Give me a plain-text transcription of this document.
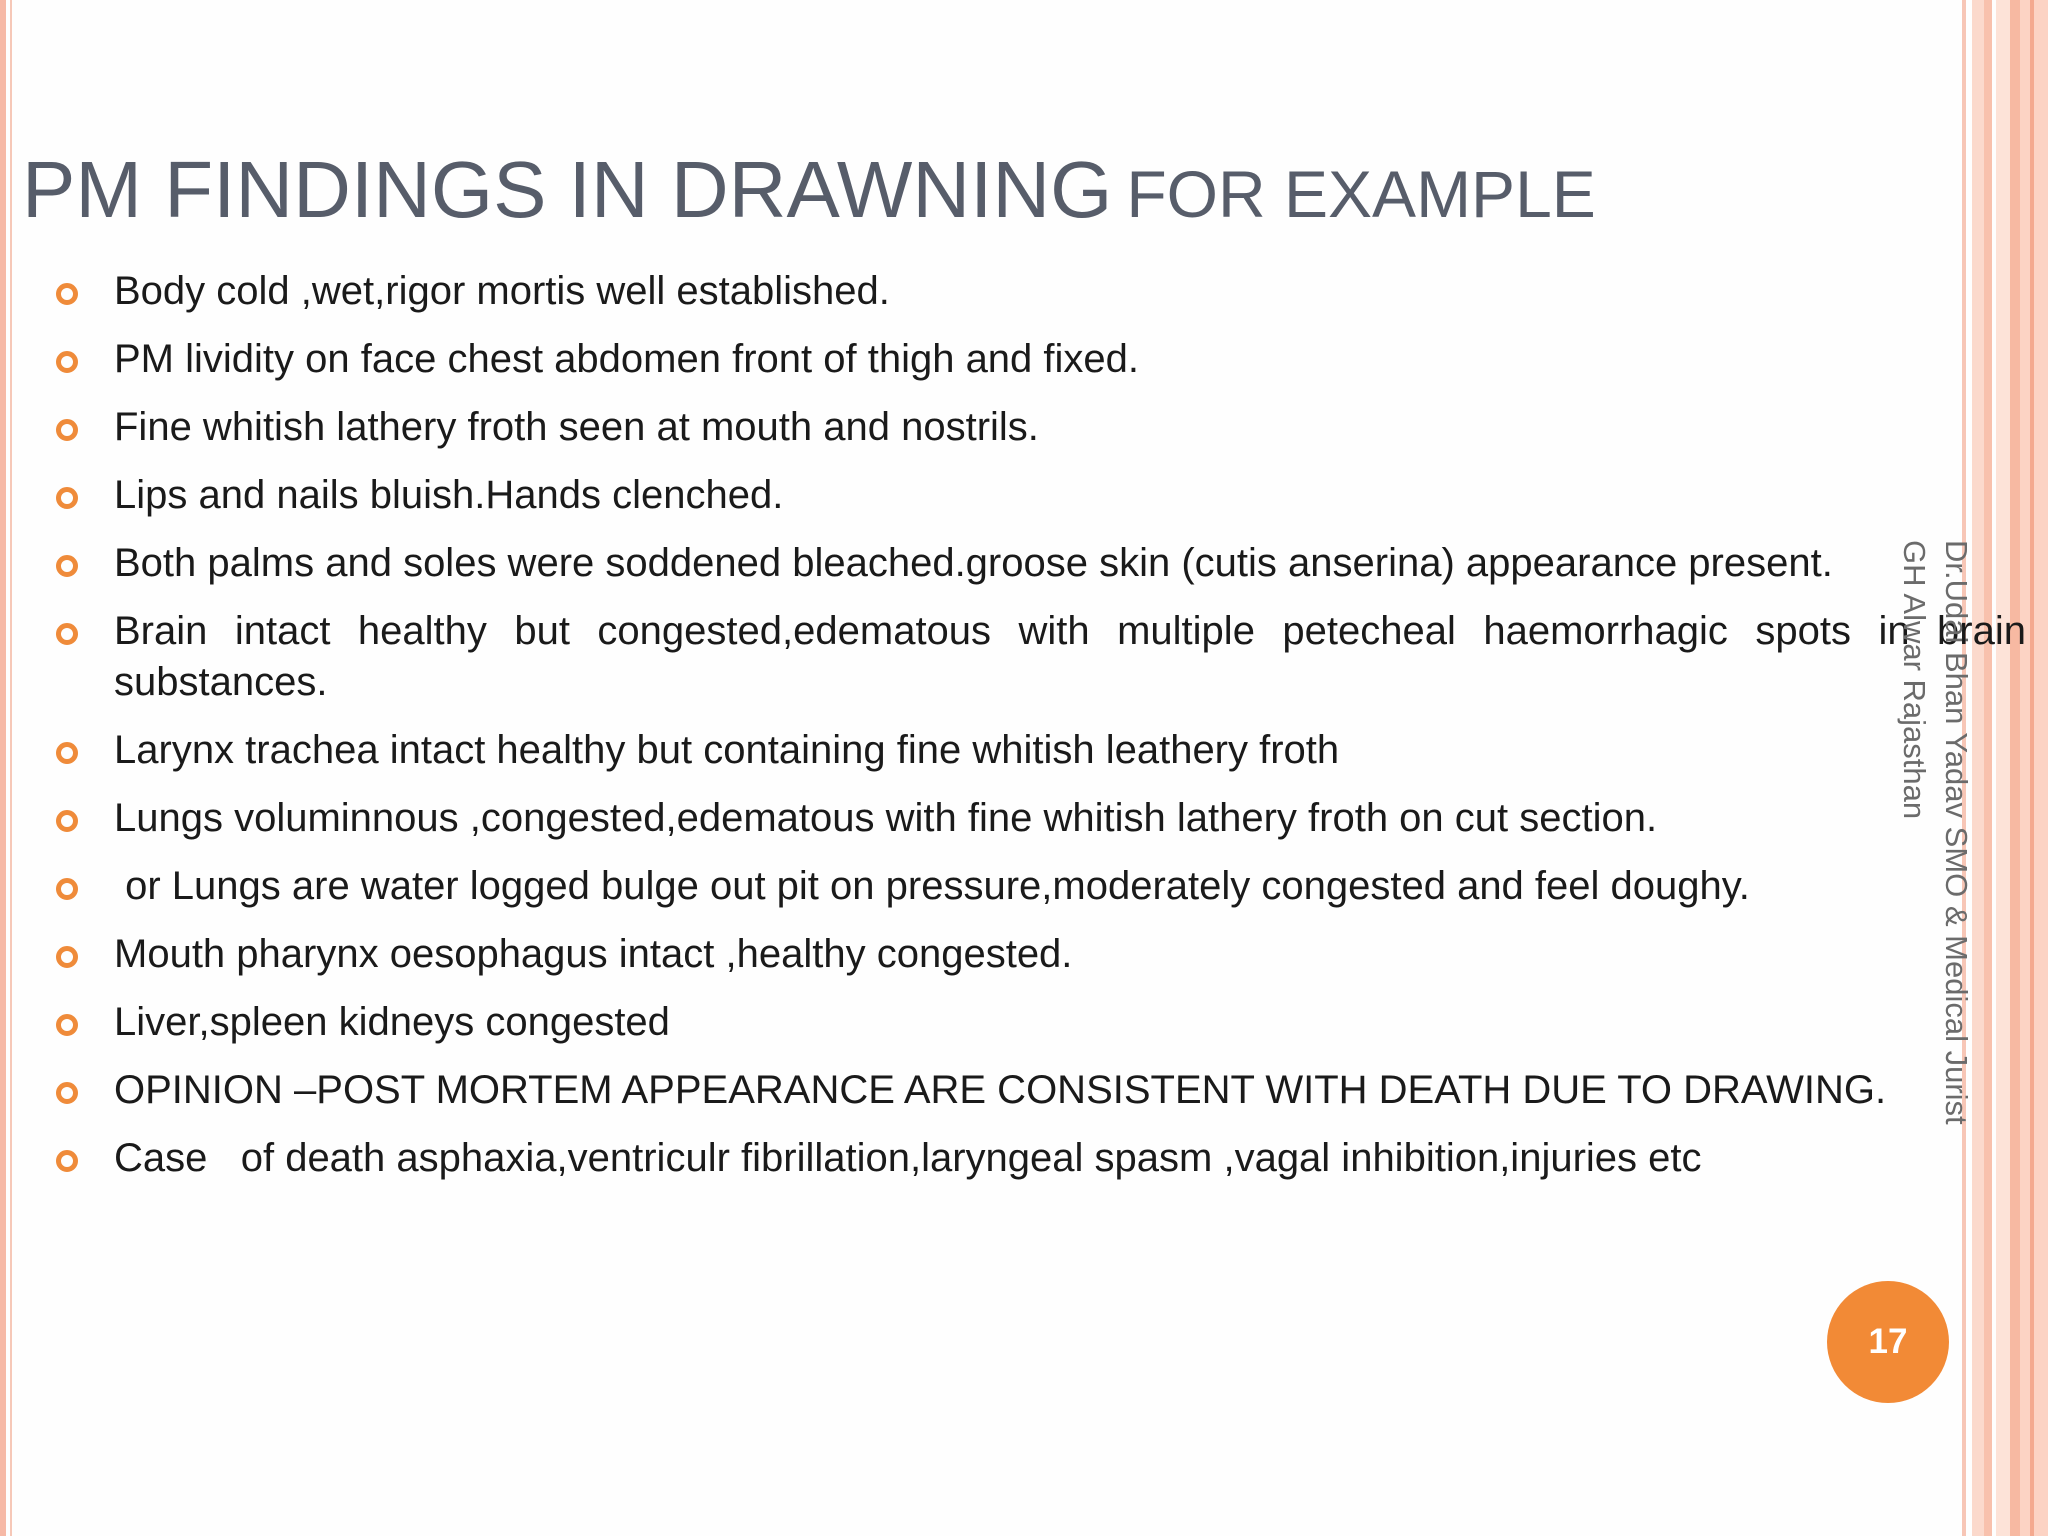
PM FINDINGS IN DRAWNING FOR EXAMPLE
Body cold ,wet,rigor mortis well established.
PM lividity on face chest abdomen front of thigh and fixed.
Fine whitish lathery froth seen at mouth and nostrils.
Lips and nails bluish.Hands clenched.
Both palms and soles were soddened bleached.groose skin (cutis anserina) appearance present.
Brain intact healthy but congested,edematous with multiple petecheal haemorrhagic spots in brain substances.
Larynx trachea intact healthy but containing fine whitish leathery froth
Lungs voluminnous ,congested,edematous with fine whitish lathery froth on cut section.
or Lungs are water logged bulge out pit on pressure,moderately congested and feel doughy.
Mouth pharynx oesophagus intact ,healthy congested.
Liver,spleen kidneys congested
OPINION –POST MORTEM APPEARANCE ARE CONSISTENT WITH DEATH DUE TO DRAWING.
Case   of death asphaxia,ventriculr fibrillation,laryngeal spasm ,vagal inhibition,injuries etc
Dr.Udai Bhan Yadav SMO & Medical Jurist
GH Alwar Rajasthan
17
